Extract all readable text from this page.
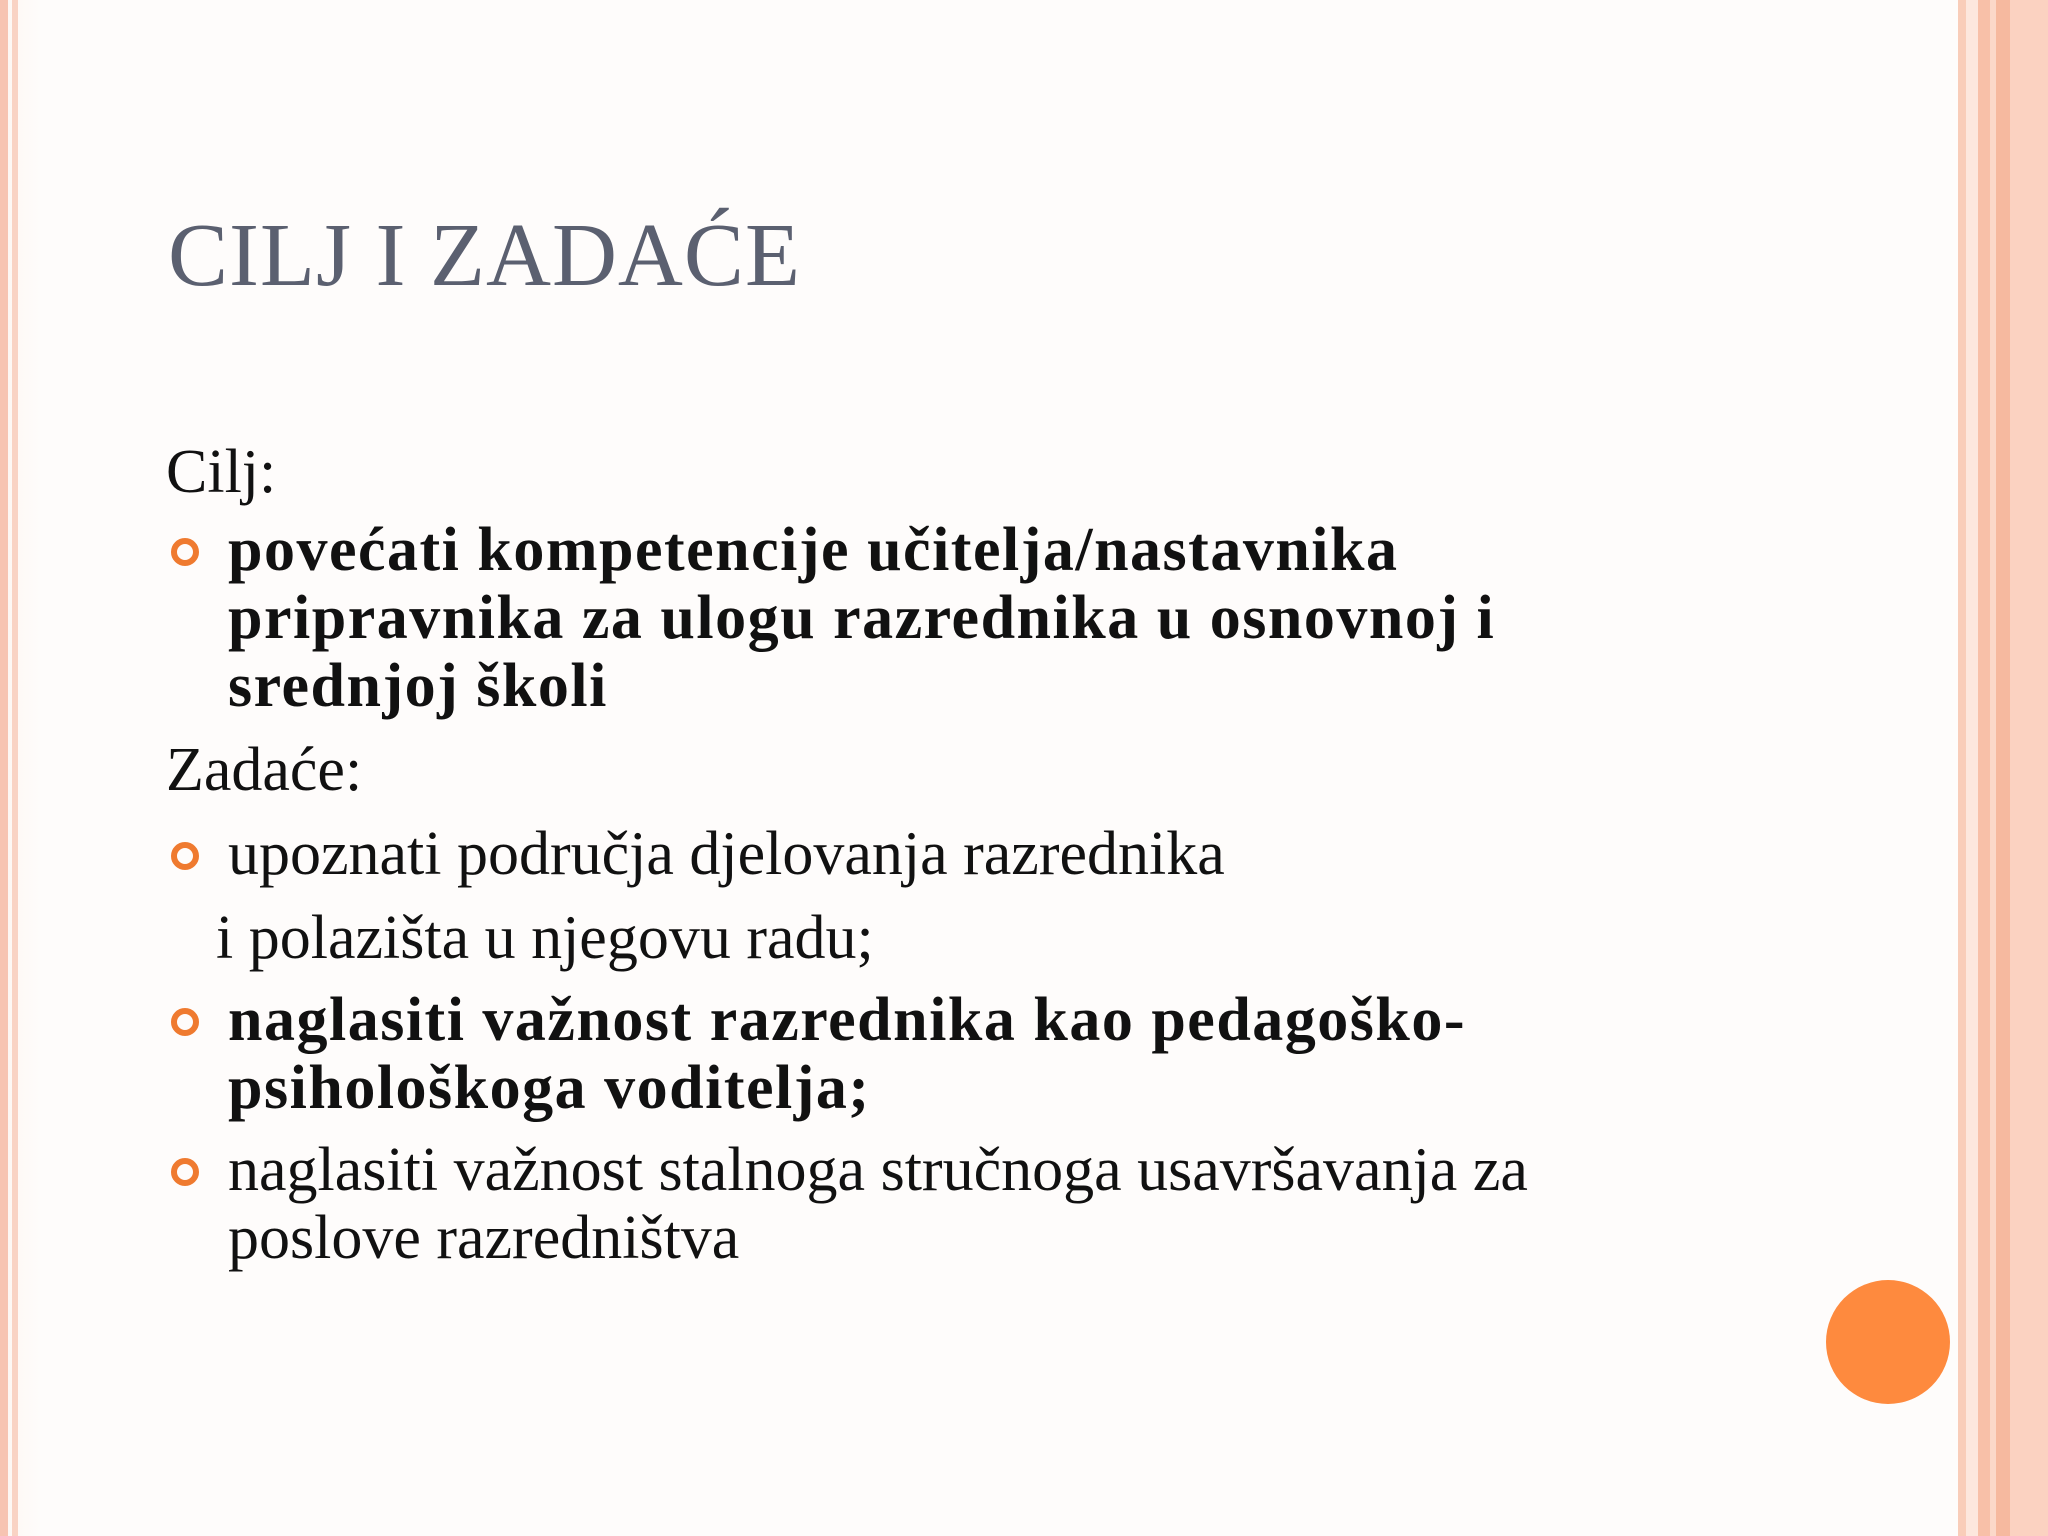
CILJ I ZADAĆE

Cilj:

povećati kompetencije učitelja/nastavnika
pripravnika za ulogu razrednika u osnovnoj i
srednjoj školi

Zadaće:

upoznati područja djelovanja razrednika
i polazišta u njegovu radu;
naglasiti važnost razrednika kao pedagoško-
psihološkoga voditelja;
naglasiti važnost stalnoga stručnoga usavršavanja za
poslove razredništva
